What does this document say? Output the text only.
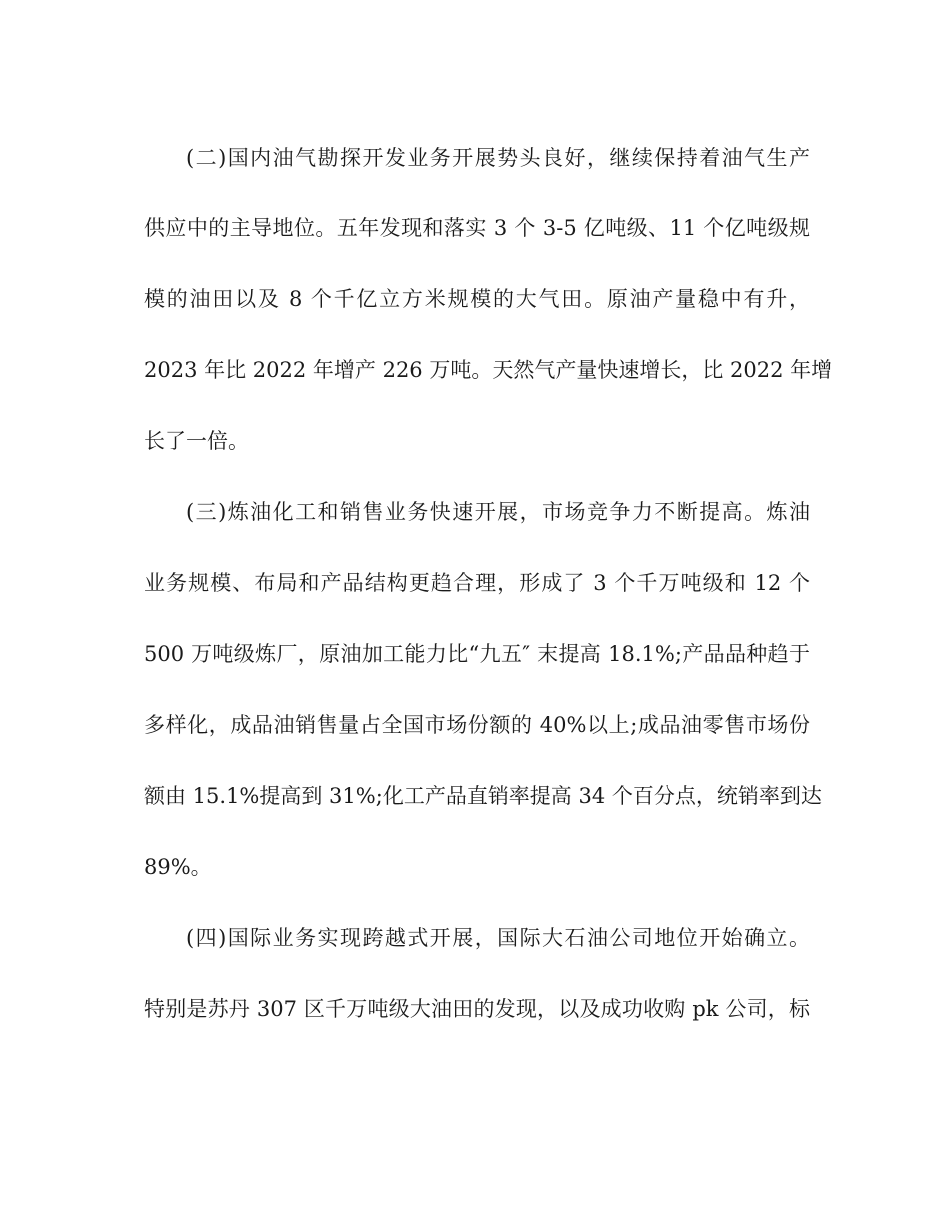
(二)国内油气勘探开发业务开展势头良好，继续保持着油气生产
供应中的主导地位。五年发现和落实 3 个 3-5 亿吨级、11 个亿吨级规
模的油田以及 8 个千亿立方米规模的大气田。原油产量稳中有升，
2023 年比 2022 年增产 226 万吨。天然气产量快速增长，比 2022 年增
长了一倍。
(三)炼油化工和销售业务快速开展，市场竞争力不断提高。炼油
业务规模、布局和产品结构更趋合理，形成了 3 个千万吨级和 12 个
500 万吨级炼厂，原油加工能力比“九五″ 末提高 18.1%;产品品种趋于
多样化，成品油销售量占全国市场份额的 40%以上;成品油零售市场份
额由 15.1%提高到 31%;化工产品直销率提高 34 个百分点，统销率到达
89%。
(四)国际业务实现跨越式开展，国际大石油公司地位开始确立。
特别是苏丹 307 区千万吨级大油田的发现，以及成功收购 pk 公司，标
